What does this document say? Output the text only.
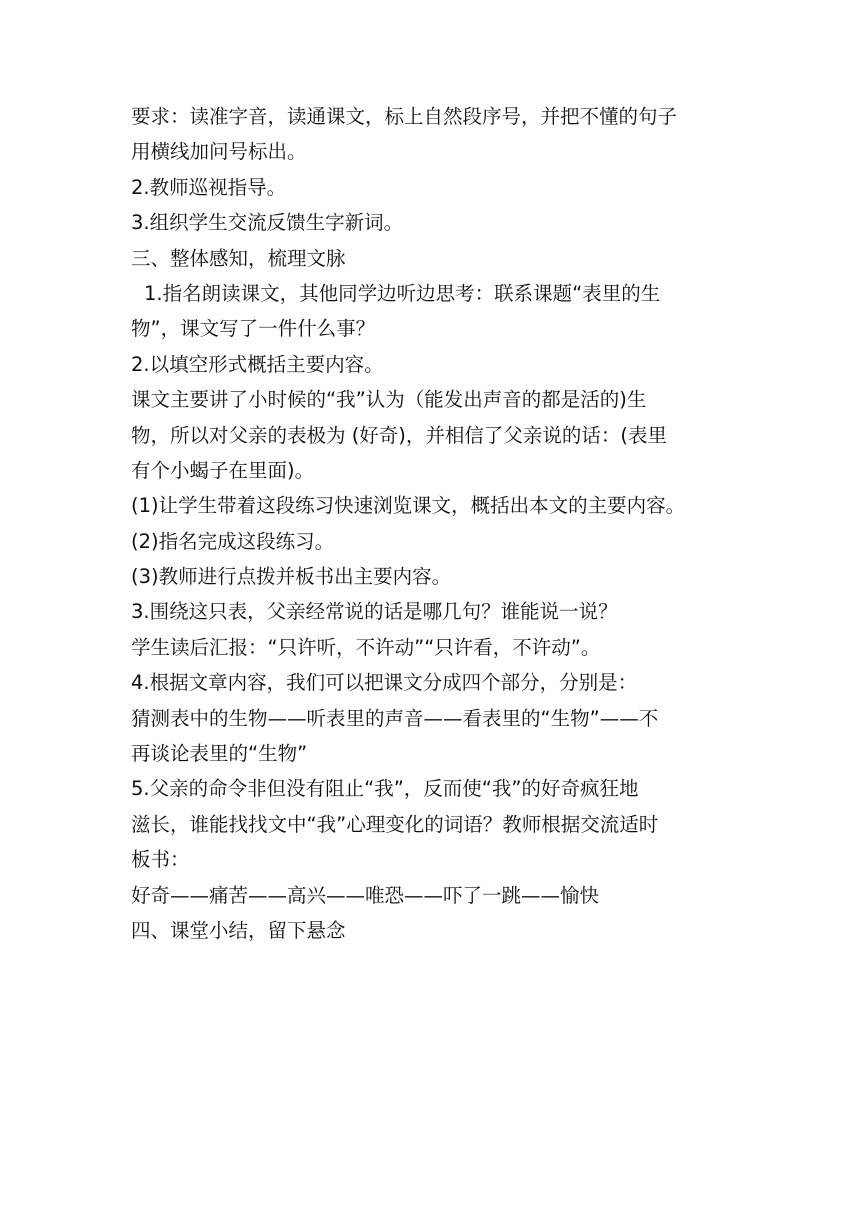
要求：读准字音，读通课文，标上自然段序号，并把不懂的句子
用横线加问号标出。
2.教师巡视指导。
3.组织学生交流反馈生字新词。
三、整体感知，梳理文脉
1.指名朗读课文，其他同学边听边思考：联系课题“表里的生
物”，课文写了一件什么事？
2.以填空形式概括主要内容。
课文主要讲了小时候的“我”认为（能发出声音的都是活的)生
物，所以对父亲的表极为 (好奇)，并相信了父亲说的话：(表里
有个小蝎子在里面)。
(1)让学生带着这段练习快速浏览课文，概括出本文的主要内容。
(2)指名完成这段练习。
(3)教师进行点拨并板书出主要内容。
3.围绕这只表，父亲经常说的话是哪几句？谁能说一说？
学生读后汇报：“只许听，不许动”“只许看，不许动”。
4.根据文章内容，我们可以把课文分成四个部分，分别是：
猜测表中的生物——听表里的声音——看表里的“生物”——不
再谈论表里的“生物”
5.父亲的命令非但没有阻止“我”，反而使“我”的好奇疯狂地
滋长，谁能找找文中“我”心理变化的词语？教师根据交流适时
板书：
好奇——痛苦——高兴——唯恐——吓了一跳——愉快
四、课堂小结，留下悬念
